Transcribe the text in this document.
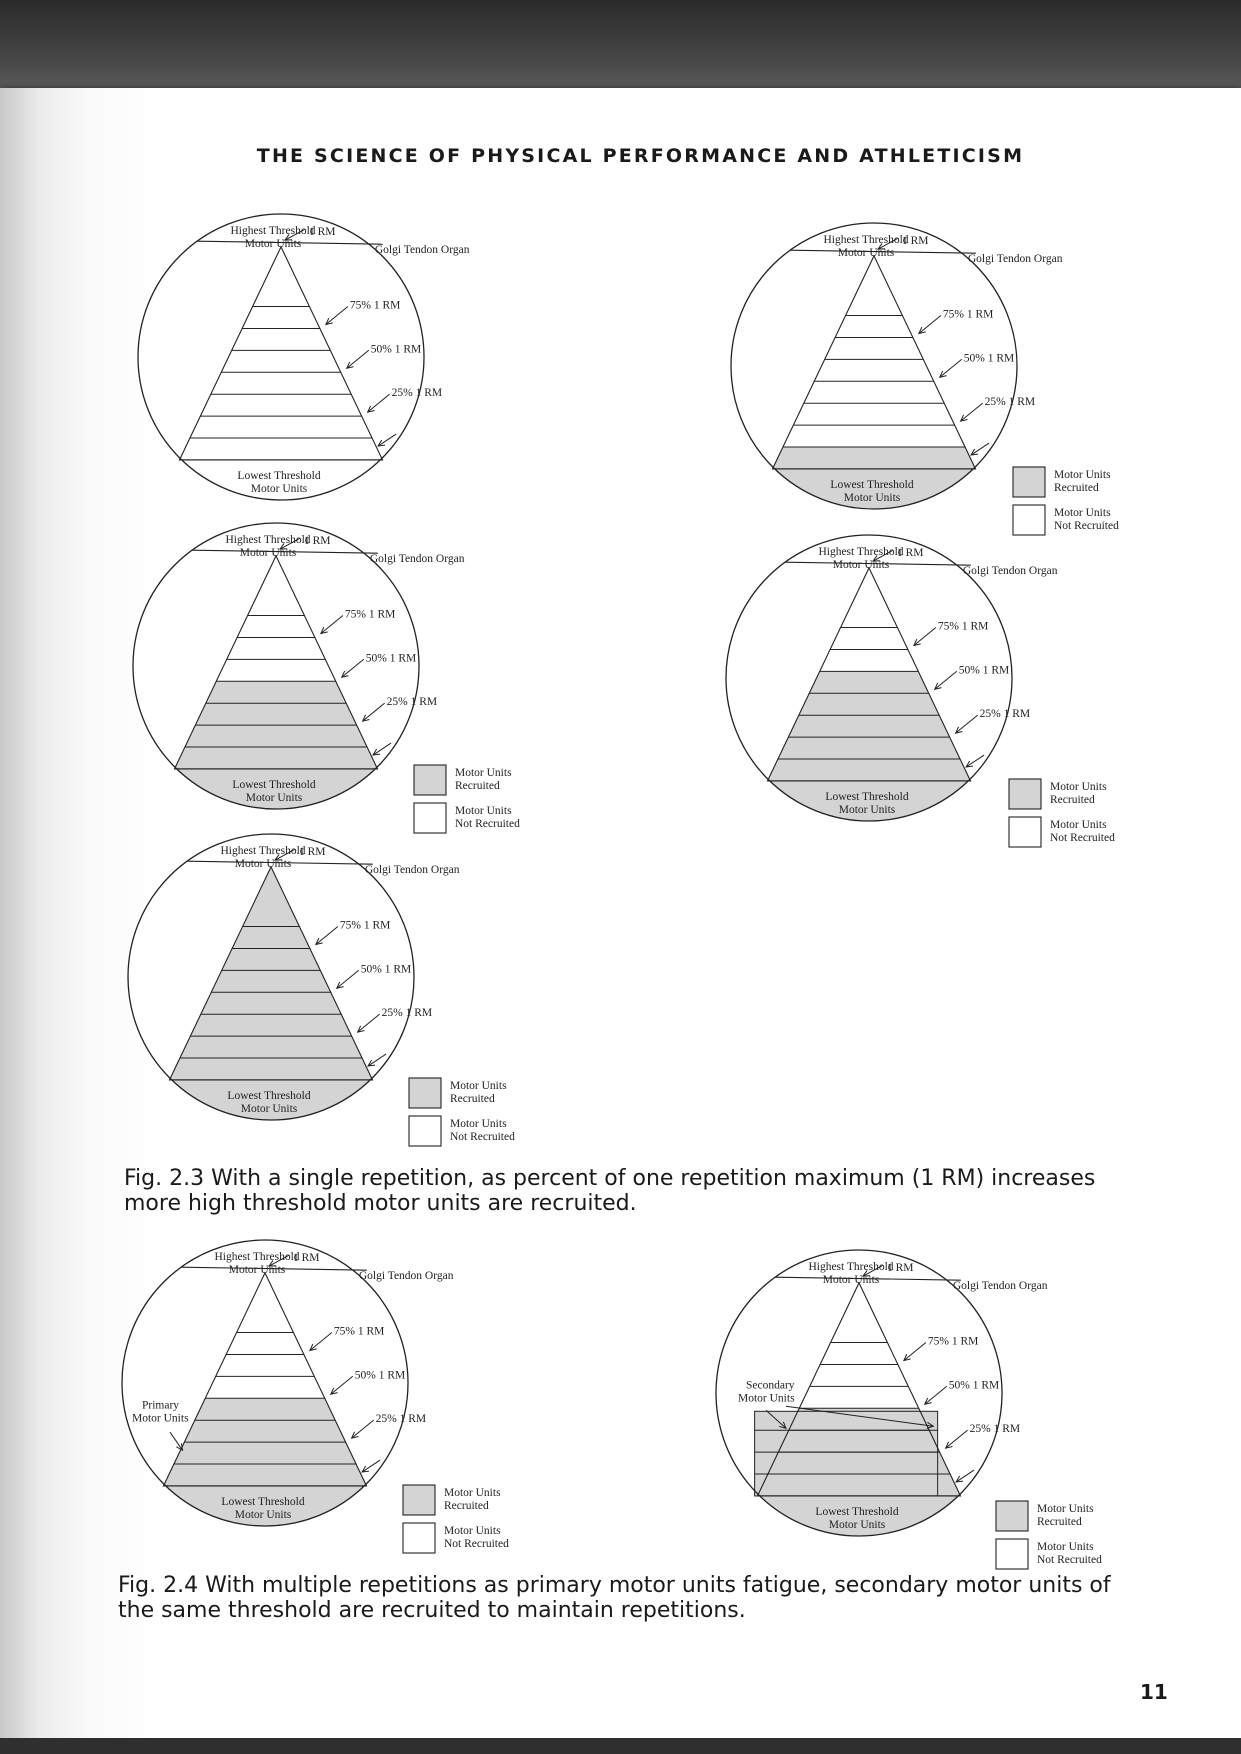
THE SCIENCE OF PHYSICAL PERFORMANCE AND ATHLETICISM
Golgi Tendon Organ
Highest Threshold
Motor Units
Lowest Threshold
Motor Units
1 RM
75% 1 RM
50% 1 RM
25% 1 RM
Golgi Tendon Organ
Highest Threshold
Motor Units
Lowest Threshold
Motor Units
1 RM
75% 1 RM
50% 1 RM
25% 1 RM
Motor Units
Recruited
Motor Units
Not Recruited
Golgi Tendon Organ
Highest Threshold
Motor Units
Lowest Threshold
Motor Units
1 RM
75% 1 RM
50% 1 RM
25% 1 RM
Motor Units
Recruited
Motor Units
Not Recruited
Golgi Tendon Organ
Highest Threshold
Motor Units
Lowest Threshold
Motor Units
1 RM
75% 1 RM
50% 1 RM
25% 1 RM
Motor Units
Recruited
Motor Units
Not Recruited
Golgi Tendon Organ
Highest Threshold
Motor Units
Lowest Threshold
Motor Units
1 RM
75% 1 RM
50% 1 RM
25% 1 RM
Motor Units
Recruited
Motor Units
Not Recruited
Golgi Tendon Organ
Highest Threshold
Motor Units
Lowest Threshold
Motor Units
1 RM
75% 1 RM
50% 1 RM
25% 1 RM
Primary
Motor Units
Motor Units
Recruited
Motor Units
Not Recruited
Golgi Tendon Organ
Highest Threshold
Motor Units
Lowest Threshold
Motor Units
1 RM
75% 1 RM
50% 1 RM
25% 1 RM
Secondary
Motor Units
Motor Units
Recruited
Motor Units
Not Recruited
Fig. 2.3 With a single repetition, as percent of one repetition maximum (1 RM) increases more high threshold motor units are recruited.
Fig. 2.4 With multiple repetitions as primary motor units fatigue, secondary motor units of the same threshold are recruited to maintain repetitions.
11
